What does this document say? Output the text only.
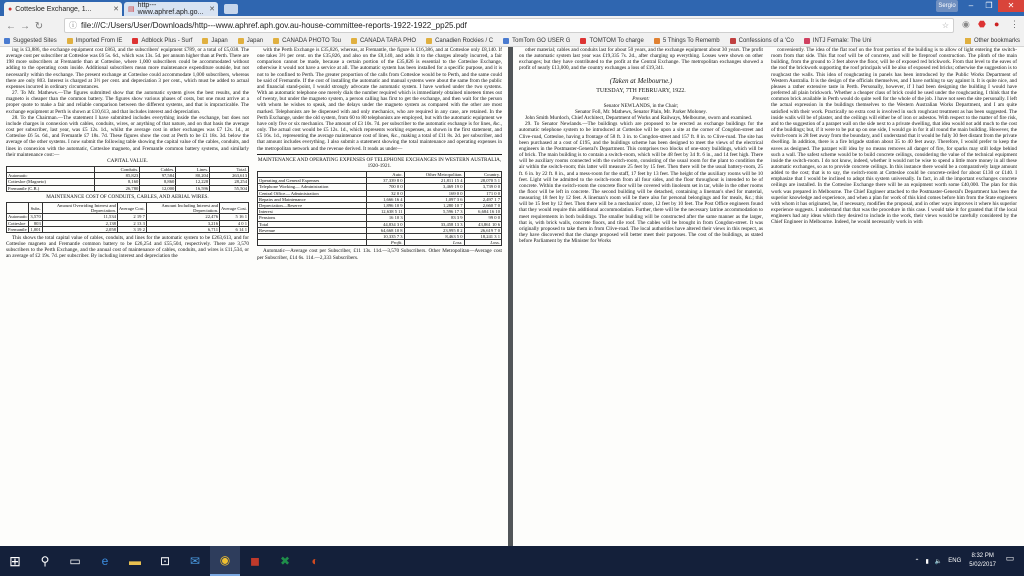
● Cottesloe Exchange, 1...	✕ ▤
http---www.aphref.aph.go... ✕	Sergio	–	❐	✕
← → ↻	ⓘ file:///C:/Users/User/Downloads/http---www.aphref.aph.gov.au-house-committee-reports-1922-1922_pp25.pdf	☆ ◉ ⬣ ● ⋮
Suggested Sites	Imported From IE	Adblock Plus - Surf	Japan	Japan	CANADA PHOTO Tou	CANADA TARA PHO	Canadien Rockies / C	TomTom GO USER G	TOMTOM To charge	5 Things To Rememb	Confessions of a 'Co	INTJ Female: The Uni	Other bookmarks

ing is £3,886, the exchange equipment cost £863, and the subscribers' equipment £789, or a total of £5,038. The average cost per subscriber at Cottesloe was £6 5s. 6d., which was 13s. 5d. per annum higher than at Perth. There are 198 more subscribers at Fremantle than at Cottesloe, where 1,000 subscribers could be accommodated without adding to the operating costs inside. Additional subscribers mean more maintenance expenditure outside, but not necessarily within the exchange. The present exchange at Cottesloe could accommodate 1,000 subscribers, whereas there are only 803. Interest is charged at 3½ per cent. and depreciation 3 per cent., which must be added to actual expenses incurred in ordinary circumstances.

27. To Mr. Mathews.—The figures submitted show that the automatic system gives the best results, and the magneto is cheaper than the common battery. The figures show various phases of costs, but one must arrive at a proper quote to make a fair and reliable comparison between the different systems, and that is impracticable. The exchange equipment at Perth is shown at £10,613, and that includes interest and depreciation.

28. To the Chairman.—The statement I have submitted includes everything inside the exchange, but does not include charges in connexion with cables, conduits, wires, or anything of that nature, and on that basis the average cost per subscriber, last year, was £5 12s. 1d., whilst the average cost in other exchanges was £7 12s. 1d., at Cottesloe £6 5s. 6d., and Fremantle £7 18s. 7d. These figures show the cost at Perth to be £1 18s. 3d. below the average of the other systems. I now submit the following table showing the capital value of the cables, conduits, and lines in connexion with the automatic, Cottesloe magneto, and Fremantle common battery systems, and similarly their maintenance cost:—

CAPITAL VALUE.

	Conduits.	Cables.	Lines.	Total.
Automatic	85,823	97,584	80,204	263,613
Cottesloe (Magneto)	8,160	8,860	12,228	28,254
Fremantle (C.B.)	26,780	12,000	16,596	55,504

MAINTENANCE COST OF CONDUITS, CABLES, AND AERIAL WIRES.

	Subs.	Amount Overriding Interest and Depreciation.	Average Cost.	Amount Including Interest and Depreciation.	Average Cost.
Automatic	3,570	11,534	2 19 7	22,476	5 16 1
Cottesloe	803	2,138	2 13 3	3,216	4 0 1
Fremantle	1,001	2,058	3 19 2	6,711	6 14 1

This shows the total capital value of cables, conduits, and lines for the automatic system to be £263,613, and for Cottesloe magneto and Fremantle common battery to be £26,254 and £55,504, respectively. There are 3,570 subscribers to the Perth Exchange, and the annual cost of maintenance of cables, conduits, and wires is £11,534, or an average of £2 19s. 7d. per subscriber. By including interest and depreciation the

with the Perth Exchange is £35,826, whereas, at Fremantle, the figure is £16,386, and at Cottesloe only £8,140. If one takes 3½ per cent. on the £35,826, and also on the £8,140, and adds it to the charges already incurred, a fair comparison cannot be made, because a certain portion of the £35,826 is essential to the Cottesloe Exchange, otherwise it would not have a service at all. The automatic system has been installed for a specific purpose, and it is not to be confined to Perth. The greater proportion of the calls from Cottesloe would be to Perth, and the same could be said of Fremantle. If the cost of installing the automatic and manual systems were about the same from the public and financial stand-point, I would strongly advocate the automatic system. I have worked under the two systems. With an automatic telephone one merely dials the number required which is immediately obtained nineteen times out of twenty, but under the magneto system, a person calling has first to get the exchange, and then wait for the person with whom he wishes to speak, and the delays under the magneto system as compared with the other are most marked. Telephonists are be dispensed with and only mechanics, who are required in any case, are retained. In the Perth Exchange, under the old system, from 60 to 80 telephonists are employed, but with the automatic equipment we have only five or six mechanics. The amount of £3 10s. 7d. per subscriber to the automatic exchange is for lines, &c., only. The actual cost would be £5 12s. 1d., which represents working expenses, as shown in the first statement, and £5 16s. 1d., representing the average maintenance cost of lines, &c., making a total of £11 8s. 2d. per subscriber, and that amount includes everything. I also submit a statement showing the total maintenance and operating expenses in the metropolitan network and the revenue derived. It reads as under—

MAINTENANCE AND OPERATING EXPENSES OF TELEPHONE EXCHANGES IN WESTERN AUSTRALIA, 1920-1921.

	Auto.	Other Metropolitan.	Country.
Operating and General Expenses	37,339 8 0	21,811 15 4	28,070 5 1
Telephone Working— Administration	700 0 0	3,469 19 0	3,739 0 0
Central Office— Administration	32 0 0	169 0 0	171 0 0
Repairs and Maintenance	1,666 16 4	1,097 3 6	2,497 1 7
Depreciation—Reserve	1,896 10 9	1,280 10 7	2,660 7 0
Interest	12,638 5 11	5,596 17 3	6,684 16 10
Pensions	16 10 3	83 3 9	99 0 0
Total	44,834 3 0	33,458 13 3	43,861 10 6
Revenue	64,668 10 8	23,995 8 2	26,619 7 0
	10,335 7 3	8,463 5 0	18,241 3 1
	Profit.	Loss.	Loss.

Automatic—Average cost per Subscriber, £11 13s. 11d.—3,570 Subscribers. Other Metropolitan—Average cost per Subscriber, £14 6s. 11d.—2,333 Subscribers.

other material; cables and conduits last for about 50 years, and the exchange equipment about 30 years. The profit on the automatic system last year was £19,335 7s. 2d., after charging up everything. Losses were shown on other exchanges; but they have contributed to the profit at the Central Exchange. The metropolitan exchanges showed a profit of nearly £13,000, and the country exchanges a loss of £19,341.

(Taken at Melbourne.)

TUESDAY, 7TH FEBRUARY, 1922.

Present:

Senator NEWLANDS, in the Chair;

Senator Foll, Mr. Mathews, Senator Plain, Mr. Parker Moloney.

John Smith Murdoch, Chief Architect, Department of Works and Railways, Melbourne, sworn and examined.

29. To Senator Newlands.—The buildings which are proposed to be erected as exchange buildings for the automatic telephone system to be introduced at Cottesloe will be upon a site at the corner of Congdon-street and Clive-road, Cottesloe, having a frontage of 58 ft. 3 in. to Congdon-street and 157 ft. 8 in. to Clive-road. The site has been purchased at a cost of £195, and the buildings scheme has been designed to meet the views of the electrical engineers in the Postmaster-General's Department. This comprises two blocks of one-story buildings, which will be of brick. The main building is to contain a switch-room, which will be 48 feet by 34 ft. 6 in., and 14 feet high. There will be auxiliary rooms connected with the switch-room, consisting of the usual room for the plant to condition the air within the switch-room; this latter will measure 25 feet by 15 feet. Then there will be the usual battery-room, 25 ft. 6 in. by 22 ft. 8 in., and a mess-room for the staff, 17 feet by 13 feet. The height of the auxiliary rooms will be 10 feet. Light will be admitted to the switch-room from all four sides, and the floor throughout is intended to be of concrete. Within the switch-room the concrete floor will be covered with linoleum set in tar, while in the other rooms the floor will be left in concrete. The second building will be detached, containing a lineman's shed for material, measuring 18 feet by 12 feet. A lineman's room will be there also for personal belongings and for meals, &c.; this will be 15 feet by 12 feet. Then there will be a mechanics' store, 12 feet by 10 feet. The Post Office engineers found that they would require this additional accommodation. Further, there will be the necessary latrine accommodation to meet requirements in both buildings. The smaller building will be constructed after the same manner as the larger, that is, with brick walls, concrete floors, and tile roof. The cables will be brought in from Congdon-street. It was originally proposed to take them in from Clive-road. The local authorities have altered their views in this respect, as they have discovered that the change proposed will better meet their purposes. The cost of the buildings, as stated before Parliament by the Minister for Works

conveniently. The idea of the flat roof on the front portion of the building is to allow of light entering the switch-room from that side. This flat roof will be of concrete, and will be fireproof construction. The plinth of the main building, from the ground to 3 feet above the floor, will be of exposed red brickwork. From that level to the eaves of the roof the brickwork supporting the roof principals will be also of exposed red bricks; otherwise the suggestion is to roughcast the walls. This idea of roughcasting in panels has been introduced by the Public Works Department of Western Australia. It is the design of the officials themselves, and I have nothing to say against it. It is quite nice, and pleases a rather extensive taste in Perth. Personally, however, if I had been designing the building I would have preferred all plain brickwork. Whether a cheaper class of brick could be used under the roughcasting, I think that the common brick available in Perth would do quite well for the whole of the job. I have not seen the site personally. I left the actual expression in the buildings themselves to the Western Australian Works Department, and I am quite satisfied with their work. Practically no extra cost is involved in such roughcast treatment as has been suggested. The inside walls will be of plaster, and the ceilings will either be of iron or asbestos. With respect to the matter of fire risk, and to the suggestion of a parapet wall on the side next to a private dwelling, that idea would not add much to the cost of the buildings; but, if it were to be put up on one side, I would go in for it all round the main building. However, the switch-room is 28 feet away from the boundary, and I understand that it would be fully 30 feet distant from the private dwelling. In addition, there is a fire brigade station about 35 to 40 feet away. Therefore, I would prefer to keep the eaves as designed. The parapet will idea by no means removes all danger of fire, for sparks may still lodge behind such a wall. The safest scheme would be to build concrete ceilings, considering the value of the technical equipment inside the switch-room. I do not know, indeed, whether it would not be wise to spend a little more money in all these automatic exchanges, so as to provide concrete ceilings. In this instance there would be a comparatively large amount added to the cost; that is to say, the switch-room at Cottesloe could be concrete-ceiled for about £130 or £140. I emphasize that I would be inclined to adopt this system universally. In fact, in all the important exchanges concrete ceilings are installed. In the Cottesloe Exchange there will be an equipment worth some £40,000. The plan for this work was prepared in Melbourne. The Chief Engineer attached to the Postmaster-General's Department has been the superior knowledge and experience, and when a plan for work of this kind comes before him from the State engineers with whom it has originated, he, if necessary, modifies the proposal, and in other ways improves it where his superior experience suggests. I understand that that was the procedure in this case. I would take it for granted that if the local engineers had any ideas which they desired to include in the work, their views would be carefully considered by the Chief Engineer in Melbourne. Indeed, he would necessarily work in with

⊞	⚲	▭	e	▬	⊡	✉	◉	◼	✖	◐	⌃ ▮ 🔈 ENG
8:32 PM
5/02/2017
▭
